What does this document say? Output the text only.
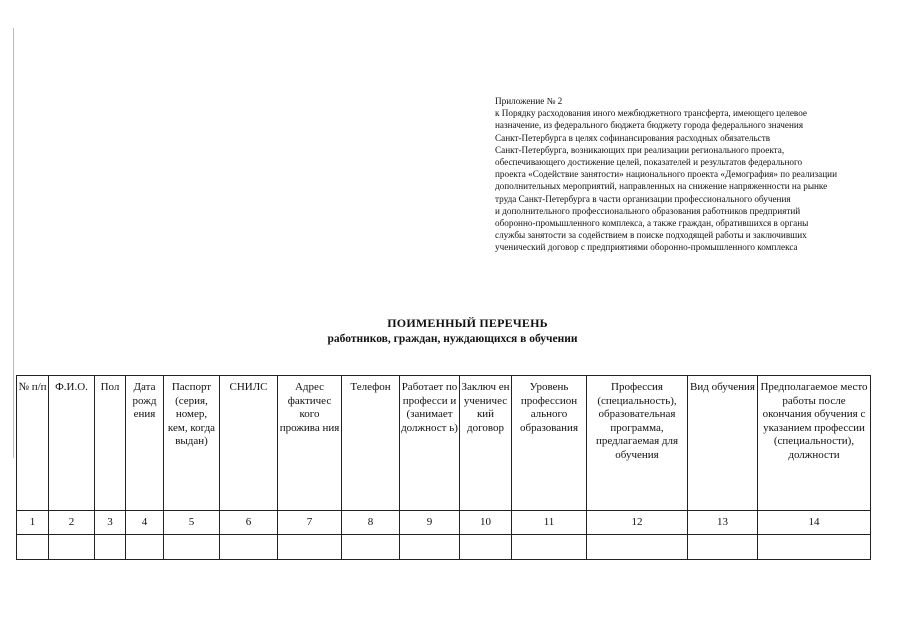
Приложение № 2
к Порядку расходования иного межбюджетного трансферта, имеющего целевое
назначение, из федерального бюджета бюджету города федерального значения
Санкт-Петербурга в целях софинансирования расходных обязательств
Санкт-Петербурга, возникающих при реализации регионального проекта,
обеспечивающего достижение целей, показателей и результатов федерального
проекта «Содействие занятости» национального проекта «Демография» по реализации
дополнительных мероприятий, направленных на снижение напряженности на рынке
труда Санкт-Петербурга в части организации профессионального обучения
и дополнительного профессионального образования работников предприятий
оборонно-промышленного комплекса, а также граждан, обратившихся в органы
службы занятости за содействием в поиске подходящей работы и заключивших
ученический договор с предприятиями оборонно-промышленного комплекса
ПОИМЕННЫЙ ПЕРЕЧЕНЬ
работников, граждан, нуждающихся в обучении
№ п/п	Ф.И.О.	Пол	Дата рожд ения	Паспорт (серия, номер, кем, когда выдан)	СНИЛС	Адрес фактичес кого прожива ния	Телефон	Работает по професси и (занимает должност ь)	Заключ ен ученичес кий договор	Уровень профессион ального образования	Профессия (специальность), образовательная программа, предлагаемая для обучения	Вид обучения	Предполагаемое место работы после окончания обучения с указанием профессии (специальности), должности
1	2	3	4	5	6	7	8	9	10	11	12	13	14
